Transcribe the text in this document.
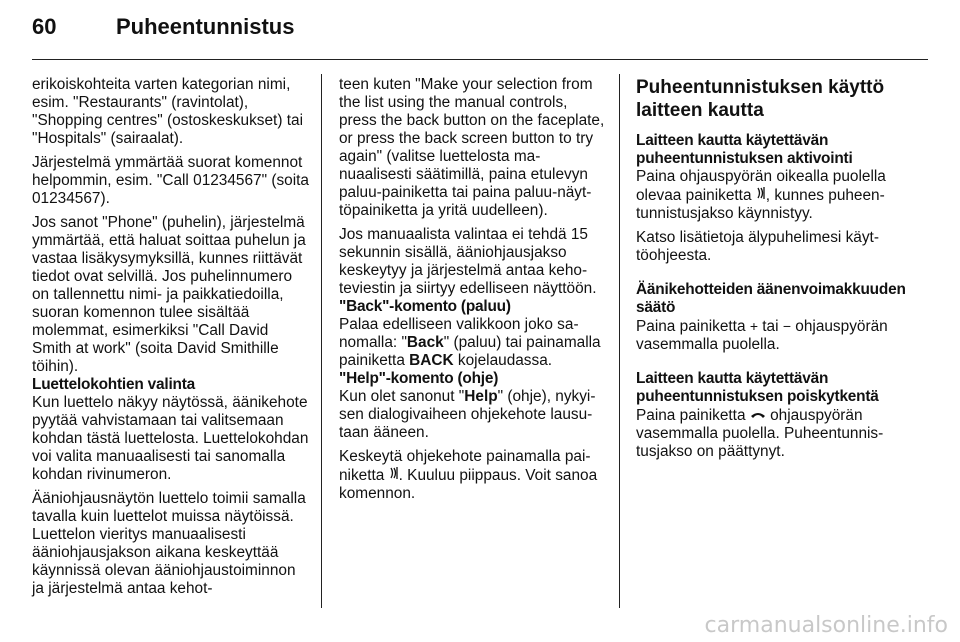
60	Puheentunnistus

erikoiskohteita varten kategorian nimi, esim. "Restaurants" (ravintolat), "Shopping centres" (ostoskeskukset) tai "Hospitals" (sairaalat).

Järjestelmä ymmärtää suorat komennot helpommin, esim. "Call 01234567" (soita 01234567).

Jos sanot "Phone" (puhelin), järjestelmä ymmärtää, että haluat soittaa puhelun ja vastaa lisäkysymyksillä, kunnes riittävät tiedot ovat selvillä. Jos puhelinnumero on tallennettu nimi- ja paikkatiedoilla, suoran komennon tulee sisältää molemmat, esimerkiksi "Call David Smith at work" (soita David Smithille töihin).

Luettelokohtien valinta

Kun luettelo näkyy näytössä, äänikehote pyytää vahvistamaan tai valitsemaan kohdan tästä luettelosta. Luettelokohdan voi valita manuaalisesti tai sanomalla kohdan rivinumeron.

Ääniohjausnäytön luettelo toimii samalla tavalla kuin luettelot muissa näytöissä. Luettelon vieritys manuaalisesti ääniohjausjakson aikana keskeyttää käynnissä olevan ääniohjaustoiminnon ja järjestelmä antaa kehot-

teen kuten "Make your selection from the list using the manual controls, press the back button on the faceplate, or press the back screen button to try again" (valitse luettelosta manuaalisesti säätimillä, paina etulevyn paluu-painiketta tai paina paluu-näyttöpainiketta ja yritä uudelleen).

Jos manuaalista valintaa ei tehdä 15 sekunnin sisällä, ääniohjausjakso keskeytyy ja järjestelmä antaa kehoteviestin ja siirtyy edelliseen näyttöön.

"Back"-komento (paluu)

Palaa edelliseen valikkoon joko sanomalla: "Back" (paluu) tai painamalla painiketta BACK kojelaudassa.

"Help"-komento (ohje)

Kun olet sanonut "Help" (ohje), nykyisen dialogivaiheen ohjekehote lausutaan ääneen.

Keskeytä ohjekehote painamalla painiketta . Kuuluu piippaus. Voit sanoa komennon.

Puheentunnistuksen käyttö laitteen kautta
Laitteen kautta käytettävän puheentunnistuksen aktivointi

Paina ohjauspyörän oikealla puolella olevaa painiketta , kunnes puheentunnistusjakso käynnistyy.

Katso lisätietoja älypuhelimesi käyttöohjeesta.

Äänikehotteiden äänenvoimakkuuden säätö

Paina painiketta + tai − ohjauspyörän vasemmalla puolella.

Laitteen kautta käytettävän puheentunnistuksen poiskytkentä

Paina painiketta  ohjauspyörän vasemmalla puolella. Puheentunnistusjakso on päättynyt.

carmanualsonline.info
